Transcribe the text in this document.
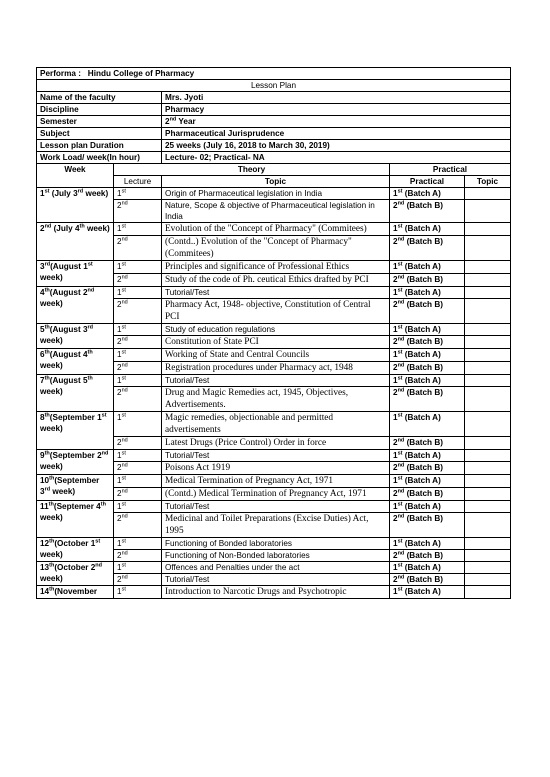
Performa : Hindu College of Pharmacy				
Lesson Plan				
Name of the faculty		Mrs. Jyoti		
Discipline		Pharmacy		
Semester		2nd Year		
Subject		Pharmaceutical Jurisprudence		
Lesson plan Duration		25 weeks (July 16, 2018 to March 30, 2019)		
Work Load/ week(In hour)		Lecture- 02; Practical- NA		
Week	Theory		Practical	
	Lecture	Topic	Practical	Topic
1st (July 3rd week)	1st	Origin of Pharmaceutical legislation in India	1st (Batch A)	
	2nd	Nature, Scope & objective of Pharmaceutical legislation in India	2nd (Batch B)	
2nd (July 4th week)	1st	Evolution of the "Concept of Pharmacy" (Commitees)	1st (Batch A)	
	2nd	(Contd..) Evolution of the "Concept of Pharmacy" (Commitees)	2nd (Batch B)	
3rd(August 1st week)	1st	Principles and significance of Professional Ethics	1st (Batch A)	
	2nd	Study of the code of Ph. ceutical Ethics drafted by PCI	2nd (Batch B)	
4th(August 2nd week)	1st	Tutorial/Test	1st (Batch A)	
	2nd	Pharmacy Act, 1948- objective, Constitution of Central PCI	2nd (Batch B)	
5th(August 3rd week)	1st	Study of education regulations	1st (Batch A)	
	2nd	Constitution of State PCI	2nd (Batch B)	
6th(August 4th week)	1st	Working of State and Central Councils	1st (Batch A)	
	2nd	Registration procedures under Pharmacy act, 1948	2nd (Batch B)	
7th(August 5th week)	1st	Tutorial/Test	1st (Batch A)	
	2nd	Drug and Magic Remedies act, 1945, Objectives, Advertisements.	2nd (Batch B)	
8th(September 1st week)	1st	Magic remedies, objectionable and permitted advertisements	1st (Batch A)	
	2nd	Latest Drugs (Price Control) Order in force	2nd (Batch B)	
9th(September 2nd week)	1st	Tutorial/Test	1st (Batch A)	
	2nd	Poisons Act 1919	2nd (Batch B)	
10th(September 3rd week)	1st	Medical Termination of Pregnancy Act, 1971	1st (Batch A)	
	2nd	(Contd.) Medical Termination of Pregnancy Act, 1971	2nd (Batch B)	
11th(Septemer 4th week)	1st	Tutorial/Test	1st (Batch A)	
	2nd	Medicinal and Toilet Preparations (Excise Duties) Act, 1995	2nd (Batch B)	
12th(October 1st week)	1st	Functioning of Bonded laboratories	1st (Batch A)	
	2nd	Functioning of Non-Bonded laboratories	2nd (Batch B)	
13th(October 2nd week)	1st	Offences and Penalties under the act	1st (Batch A)	
	2nd	Tutorial/Test	2nd (Batch B)	
14th(November	1st	Introduction to Narcotic Drugs and Psychotropic	1st (Batch A)	
